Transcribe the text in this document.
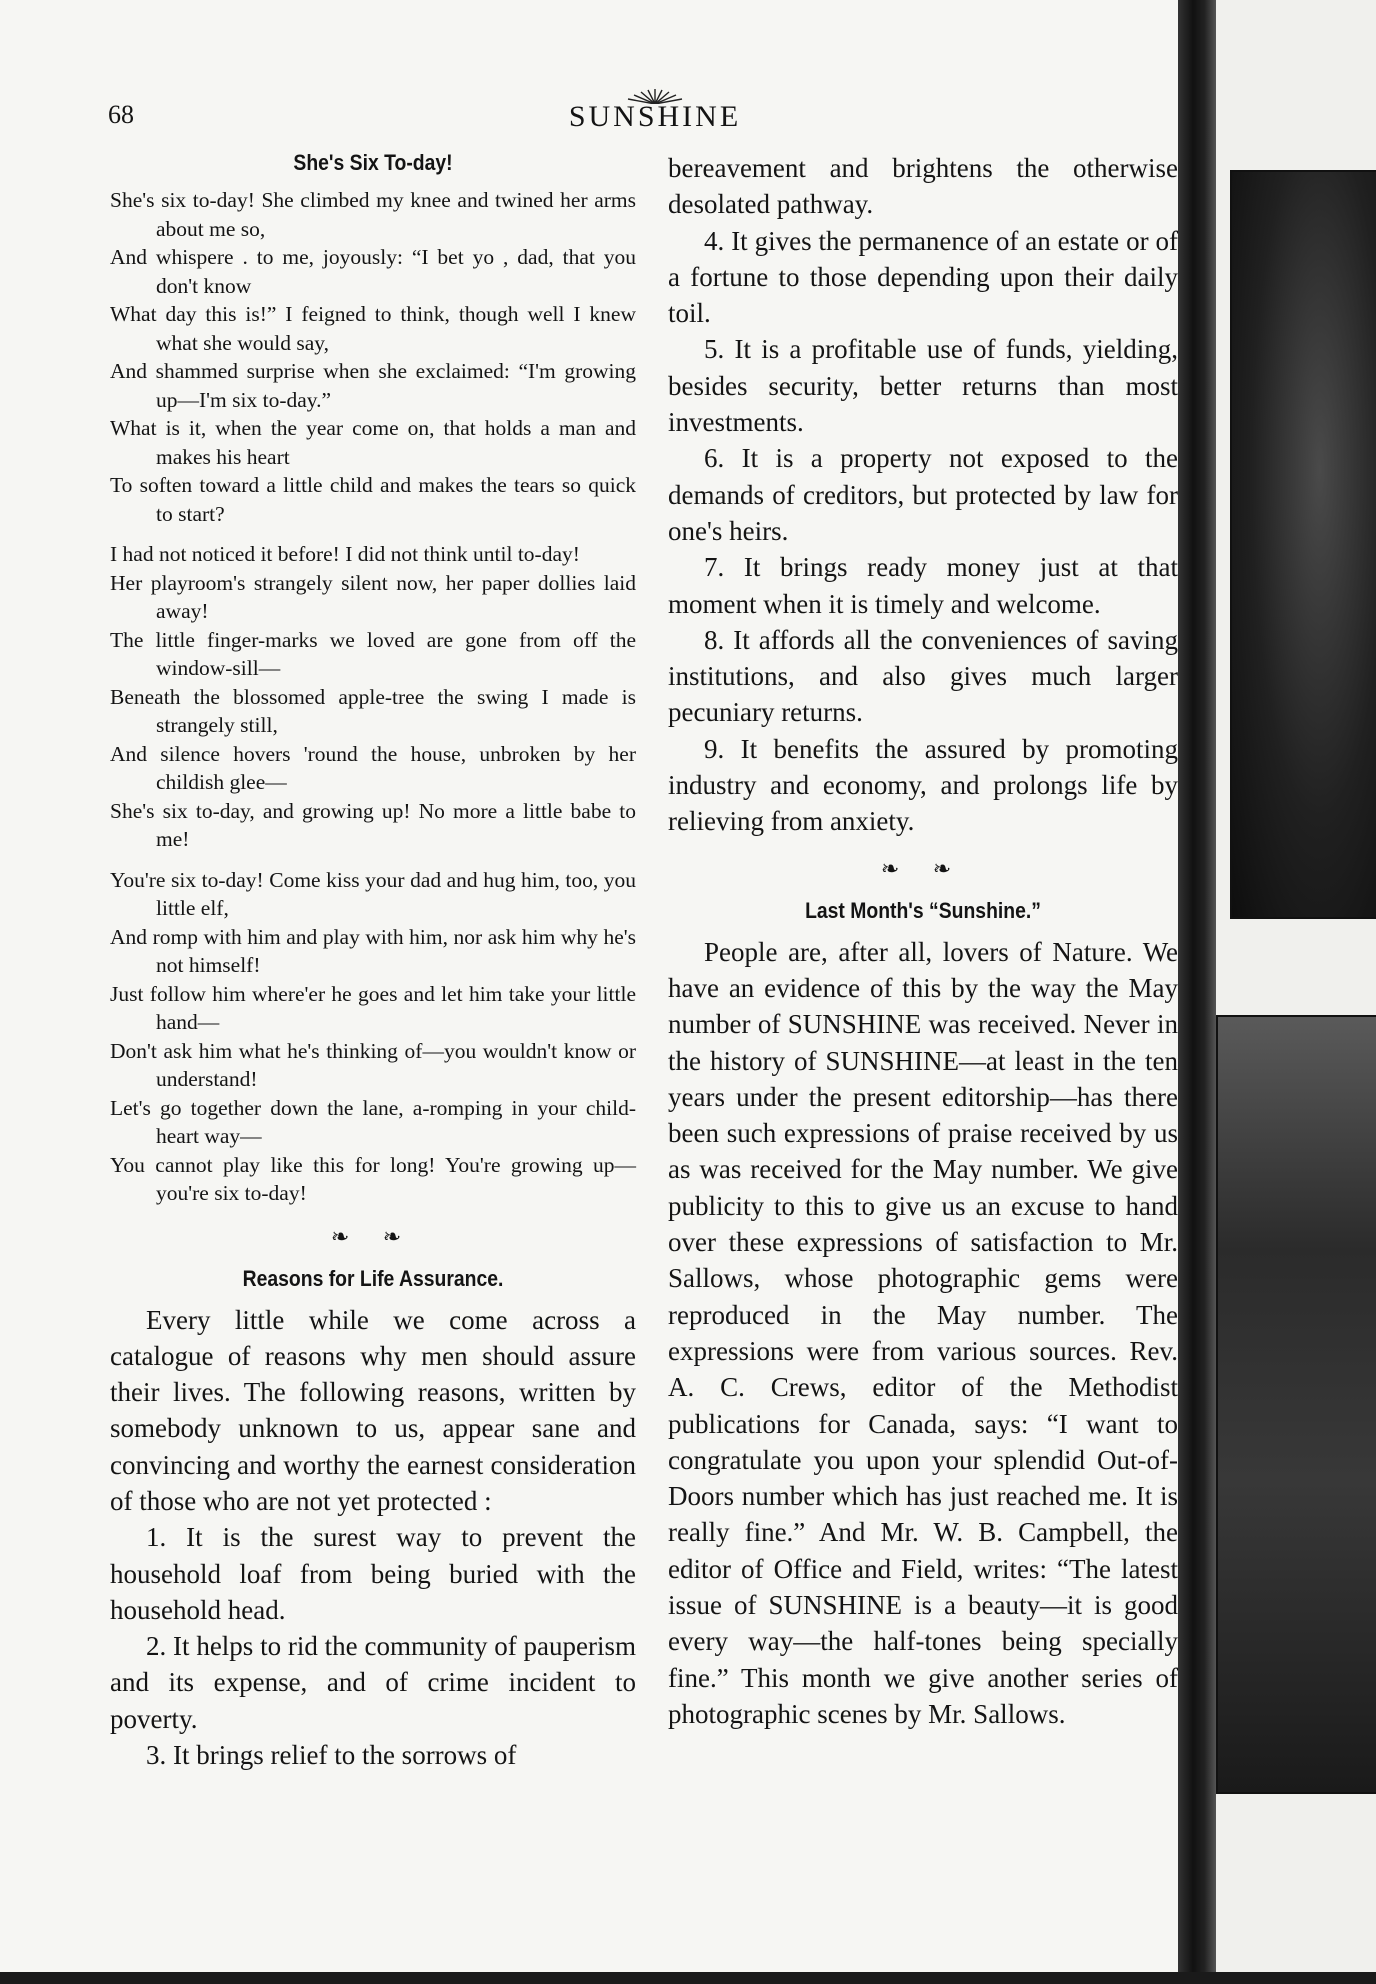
68	SUNSHINE
She's Six To-day!

She's six to-day! She climbed my knee and twined her arms about me so,

And whispere . to me, joyously: “I bet yo , dad, that you don't know

What day this is!” I feigned to think, though well I knew what she would say,

And shammed surprise when she exclaimed: “I'm growing up—I'm six to-day.”

What is it, when the year come on, that holds a man and makes his heart

To soften toward a little child and makes the tears so quick to start?

I had not noticed it before! I did not think until to-day!

Her playroom's strangely silent now, her paper dollies laid away!

The little finger-marks we loved are gone from off the window-sill—

Beneath the blossomed apple-tree the swing I made is strangely still,

And silence hovers 'round the house, unbroken by her childish glee—

She's six to-day, and growing up! No more a little babe to me!

You're six to-day! Come kiss your dad and hug him, too, you little elf,

And romp with him and play with him, nor ask him why he's not himself!

Just follow him where'er he goes and let him take your little hand—

Don't ask him what he's thinking of—you wouldn't know or understand!

Let's go together down the lane, a-romping in your child-heart way—

You cannot play like this for long! You're growing up—you're six to-day!

❧ ❧
Reasons for Life Assurance.

Every little while we come across a catalogue of reasons why men should assure their lives. The following reasons, written by somebody unknown to us, appear sane and convincing and worthy the earnest consideration of those who are not yet protected :

1. It is the surest way to prevent the household loaf from being buried with the household head.

2. It helps to rid the community of pauperism and its expense, and of crime incident to poverty.

3. It brings relief to the sorrows of

bereavement and brightens the otherwise desolated pathway.

4. It gives the permanence of an estate or of a fortune to those depending upon their daily toil.

5. It is a profitable use of funds, yielding, besides security, better returns than most investments.

6. It is a property not exposed to the demands of creditors, but protected by law for one's heirs.

7. It brings ready money just at that moment when it is timely and welcome.

8. It affords all the conveniences of saving institutions, and also gives much larger pecuniary returns.

9. It benefits the assured by promoting industry and economy, and prolongs life by relieving from anxiety.

❧ ❧
Last Month's “Sunshine.”

People are, after all, lovers of Nature. We have an evidence of this by the way the May number of SUNSHINE was received. Never in the history of SUNSHINE—at least in the ten years under the present editorship—has there been such expressions of praise received by us as was received for the May number. We give publicity to this to give us an excuse to hand over these expressions of satisfaction to Mr. Sallows, whose photographic gems were reproduced in the May number. The expressions were from various sources. Rev. A. C. Crews, editor of the Methodist publications for Canada, says: “I want to congratulate you upon your splendid Out-of-Doors number which has just reached me. It is really fine.” And Mr. W. B. Campbell, the editor of Office and Field, writes: “The latest issue of SUNSHINE is a beauty—it is good every way—the half-tones being specially fine.” This month we give another series of photographic scenes by Mr. Sallows.
